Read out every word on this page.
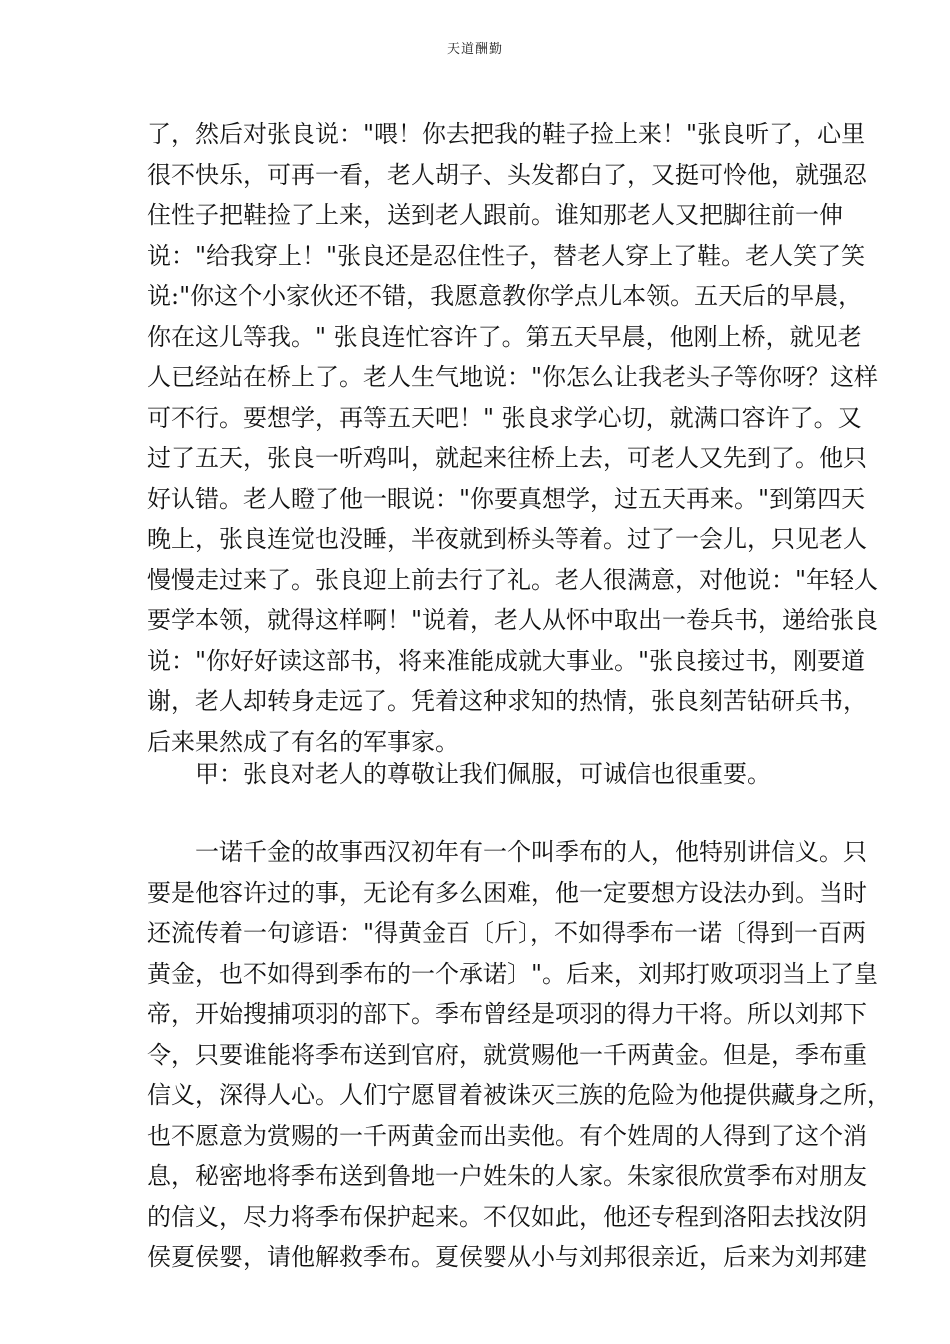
天道酬勤
了，然后对张良说："喂！你去把我的鞋子捡上来！"张良听了，心里
很不快乐，可再一看，老人胡子、头发都白了，又挺可怜他，就强忍
住性子把鞋捡了上来，送到老人跟前。谁知那老人又把脚往前一伸
说："给我穿上！"张良还是忍住性子，替老人穿上了鞋。老人笑了笑
说:"你这个小家伙还不错，我愿意教你学点儿本领。五天后的早晨，
你在这儿等我。" 张良连忙容许了。第五天早晨，他刚上桥，就见老
人已经站在桥上了。老人生气地说："你怎么让我老头子等你呀？这样
可不行。要想学，再等五天吧！" 张良求学心切，就满口容许了。又
过了五天，张良一听鸡叫，就起来往桥上去，可老人又先到了。他只
好认错。老人瞪了他一眼说："你要真想学，过五天再来。"到第四天
晚上，张良连觉也没睡，半夜就到桥头等着。过了一会儿，只见老人
慢慢走过来了。张良迎上前去行了礼。老人很满意，对他说："年轻人
要学本领，就得这样啊！"说着，老人从怀中取出一卷兵书，递给张良
说："你好好读这部书，将来准能成就大事业。"张良接过书，刚要道
谢，老人却转身走远了。凭着这种求知的热情，张良刻苦钻研兵书，
后来果然成了有名的军事家。
甲：张良对老人的尊敬让我们佩服，可诚信也很重要。
一诺千金的故事西汉初年有一个叫季布的人，他特别讲信义。只
要是他容许过的事，无论有多么困难，他一定要想方设法办到。当时
还流传着一句谚语："得黄金百〔斤〕，不如得季布一诺〔得到一百两
黄金，也不如得到季布的一个承诺〕"。后来，刘邦打败项羽当上了皇
帝，开始搜捕项羽的部下。季布曾经是项羽的得力干将。所以刘邦下
令，只要谁能将季布送到官府，就赏赐他一千两黄金。但是，季布重
信义，深得人心。人们宁愿冒着被诛灭三族的危险为他提供藏身之所，
也不愿意为赏赐的一千两黄金而出卖他。有个姓周的人得到了这个消
息，秘密地将季布送到鲁地一户姓朱的人家。朱家很欣赏季布对朋友
的信义，尽力将季布保护起来。不仅如此，他还专程到洛阳去找汝阴
侯夏侯婴，请他解救季布。夏侯婴从小与刘邦很亲近，后来为刘邦建
